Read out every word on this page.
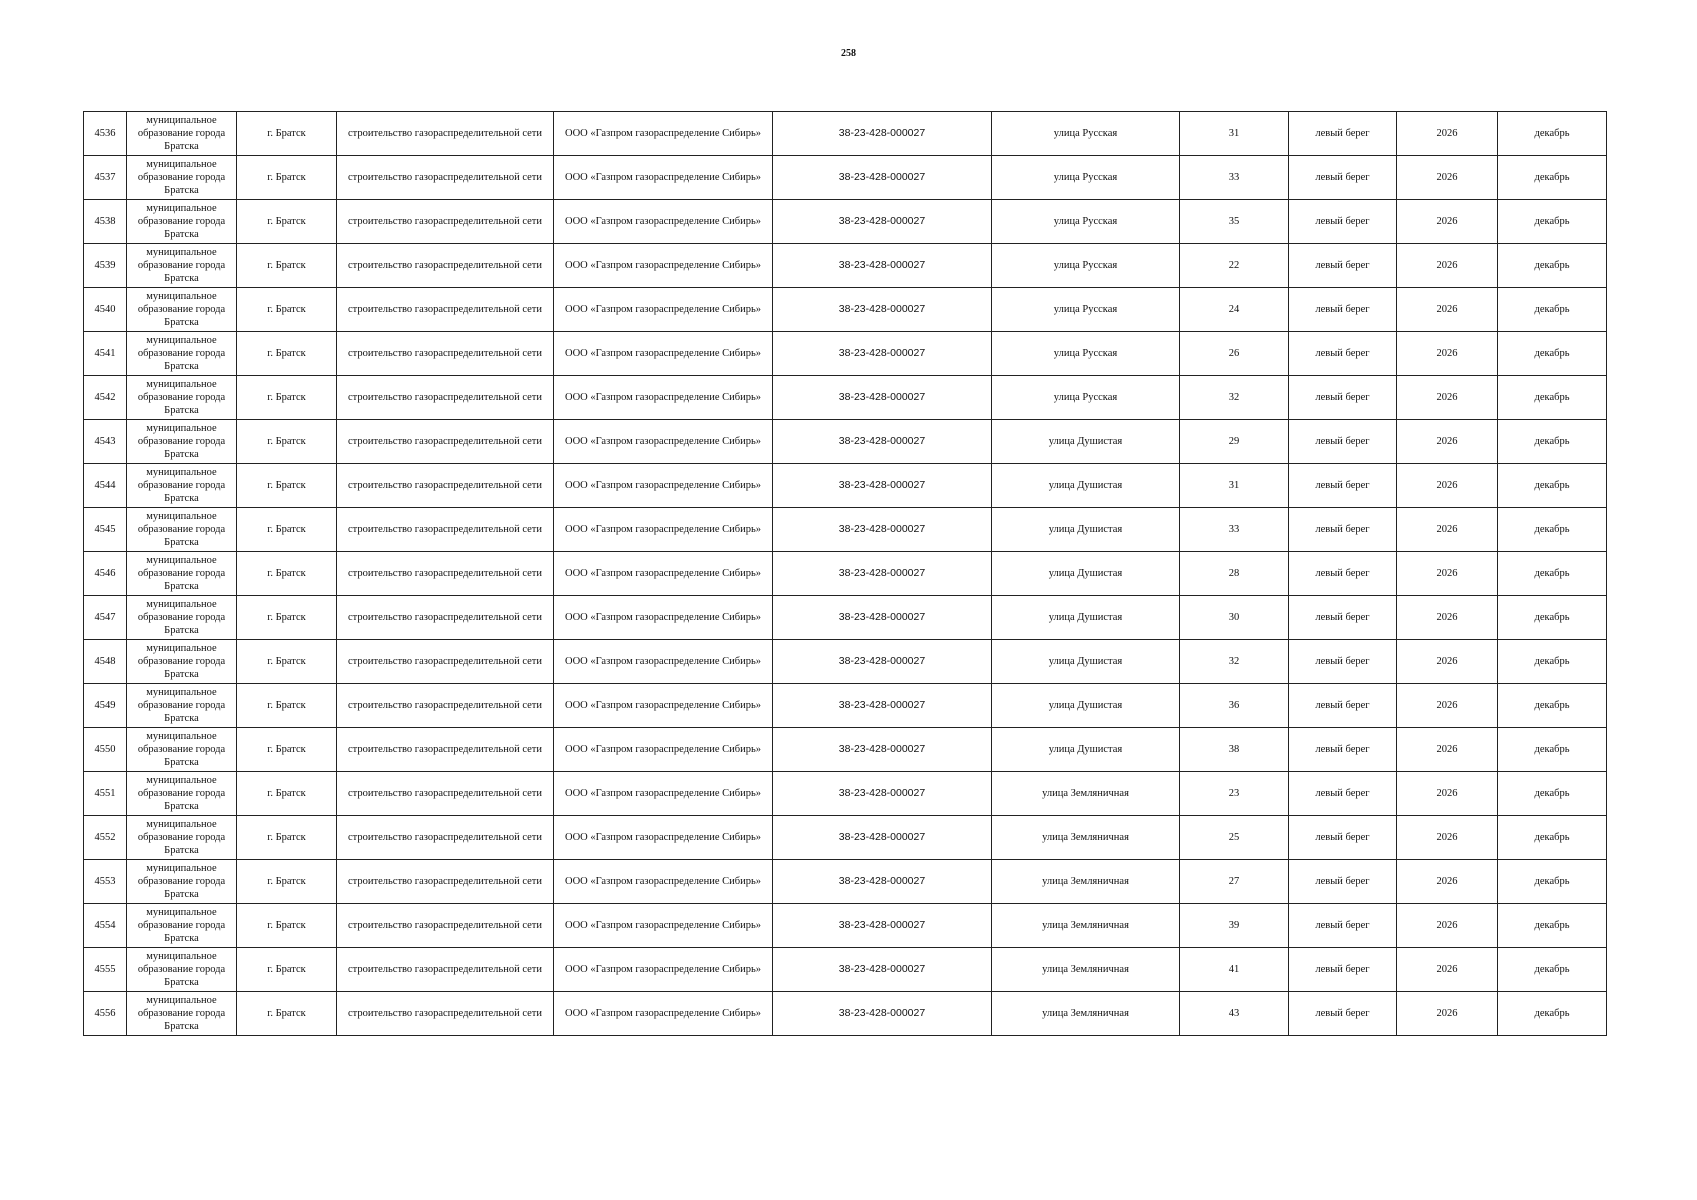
258
4536	муниципальное образование города Братска	г. Братск	строительство газораспределительной сети	ООО «Газпром газораспределение Сибирь»	38-23-428-000027	улица Русская	31	левый берег	2026	декабрь
4537	муниципальное образование города Братска	г. Братск	строительство газораспределительной сети	ООО «Газпром газораспределение Сибирь»	38-23-428-000027	улица Русская	33	левый берег	2026	декабрь
4538	муниципальное образование города Братска	г. Братск	строительство газораспределительной сети	ООО «Газпром газораспределение Сибирь»	38-23-428-000027	улица Русская	35	левый берег	2026	декабрь
4539	муниципальное образование города Братска	г. Братск	строительство газораспределительной сети	ООО «Газпром газораспределение Сибирь»	38-23-428-000027	улица Русская	22	левый берег	2026	декабрь
4540	муниципальное образование города Братска	г. Братск	строительство газораспределительной сети	ООО «Газпром газораспределение Сибирь»	38-23-428-000027	улица Русская	24	левый берег	2026	декабрь
4541	муниципальное образование города Братска	г. Братск	строительство газораспределительной сети	ООО «Газпром газораспределение Сибирь»	38-23-428-000027	улица Русская	26	левый берег	2026	декабрь
4542	муниципальное образование города Братска	г. Братск	строительство газораспределительной сети	ООО «Газпром газораспределение Сибирь»	38-23-428-000027	улица Русская	32	левый берег	2026	декабрь
4543	муниципальное образование города Братска	г. Братск	строительство газораспределительной сети	ООО «Газпром газораспределение Сибирь»	38-23-428-000027	улица Душистая	29	левый берег	2026	декабрь
4544	муниципальное образование города Братска	г. Братск	строительство газораспределительной сети	ООО «Газпром газораспределение Сибирь»	38-23-428-000027	улица Душистая	31	левый берег	2026	декабрь
4545	муниципальное образование города Братска	г. Братск	строительство газораспределительной сети	ООО «Газпром газораспределение Сибирь»	38-23-428-000027	улица Душистая	33	левый берег	2026	декабрь
4546	муниципальное образование города Братска	г. Братск	строительство газораспределительной сети	ООО «Газпром газораспределение Сибирь»	38-23-428-000027	улица Душистая	28	левый берег	2026	декабрь
4547	муниципальное образование города Братска	г. Братск	строительство газораспределительной сети	ООО «Газпром газораспределение Сибирь»	38-23-428-000027	улица Душистая	30	левый берег	2026	декабрь
4548	муниципальное образование города Братска	г. Братск	строительство газораспределительной сети	ООО «Газпром газораспределение Сибирь»	38-23-428-000027	улица Душистая	32	левый берег	2026	декабрь
4549	муниципальное образование города Братска	г. Братск	строительство газораспределительной сети	ООО «Газпром газораспределение Сибирь»	38-23-428-000027	улица Душистая	36	левый берег	2026	декабрь
4550	муниципальное образование города Братска	г. Братск	строительство газораспределительной сети	ООО «Газпром газораспределение Сибирь»	38-23-428-000027	улица Душистая	38	левый берег	2026	декабрь
4551	муниципальное образование города Братска	г. Братск	строительство газораспределительной сети	ООО «Газпром газораспределение Сибирь»	38-23-428-000027	улица Земляничная	23	левый берег	2026	декабрь
4552	муниципальное образование города Братска	г. Братск	строительство газораспределительной сети	ООО «Газпром газораспределение Сибирь»	38-23-428-000027	улица Земляничная	25	левый берег	2026	декабрь
4553	муниципальное образование города Братска	г. Братск	строительство газораспределительной сети	ООО «Газпром газораспределение Сибирь»	38-23-428-000027	улица Земляничная	27	левый берег	2026	декабрь
4554	муниципальное образование города Братска	г. Братск	строительство газораспределительной сети	ООО «Газпром газораспределение Сибирь»	38-23-428-000027	улица Земляничная	39	левый берег	2026	декабрь
4555	муниципальное образование города Братска	г. Братск	строительство газораспределительной сети	ООО «Газпром газораспределение Сибирь»	38-23-428-000027	улица Земляничная	41	левый берег	2026	декабрь
4556	муниципальное образование города Братска	г. Братск	строительство газораспределительной сети	ООО «Газпром газораспределение Сибирь»	38-23-428-000027	улица Земляничная	43	левый берег	2026	декабрь
